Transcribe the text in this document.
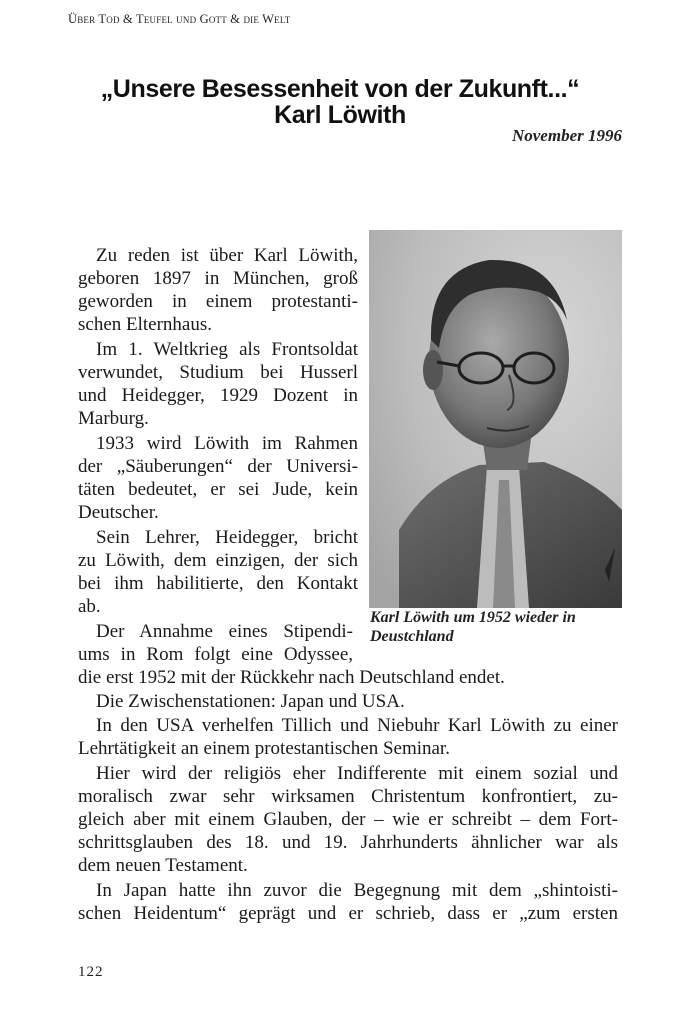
Über Tod & Teufel und Gott & die Welt
„Unsere Besessenheit von der Zukunft...“
Karl Löwith
November 1996
Karl Löwith um 1952 wieder in
Deustchland
Zu reden ist über Karl Löwith,
geboren 1897 in München, groß
geworden in einem protestanti-
schen Elternhaus.
Im 1. Weltkrieg als Frontsoldat
verwundet, Studium bei Husserl
und Heidegger, 1929 Dozent in
Marburg.
1933 wird Löwith im Rahmen
der „Säuberungen“ der Universi-
täten bedeutet, er sei Jude, kein
Deutscher.
Sein Lehrer, Heidegger, bricht
zu Löwith, dem einzigen, der sich
bei ihm habilitierte, den Kontakt
ab.
Der Annahme eines Stipendi-
ums in Rom folgt eine Odyssee,
die erst 1952 mit der Rückkehr nach Deutschland endet.
Die Zwischenstationen: Japan und USA.
In den USA verhelfen Tillich und Niebuhr Karl Löwith zu einer
Lehrtätigkeit an einem protestantischen Seminar.
Hier wird der religiös eher Indifferente mit einem sozial und
moralisch zwar sehr wirksamen Christentum konfrontiert, zu-
gleich aber mit einem Glauben, der – wie er schreibt – dem Fort-
schrittsglauben des 18. und 19. Jahrhunderts ähnlicher war als
dem neuen Testament.
In Japan hatte ihn zuvor die Begegnung mit dem „shintoisti-
schen Heidentum“ geprägt und er schrieb, dass er „zum ersten
122
